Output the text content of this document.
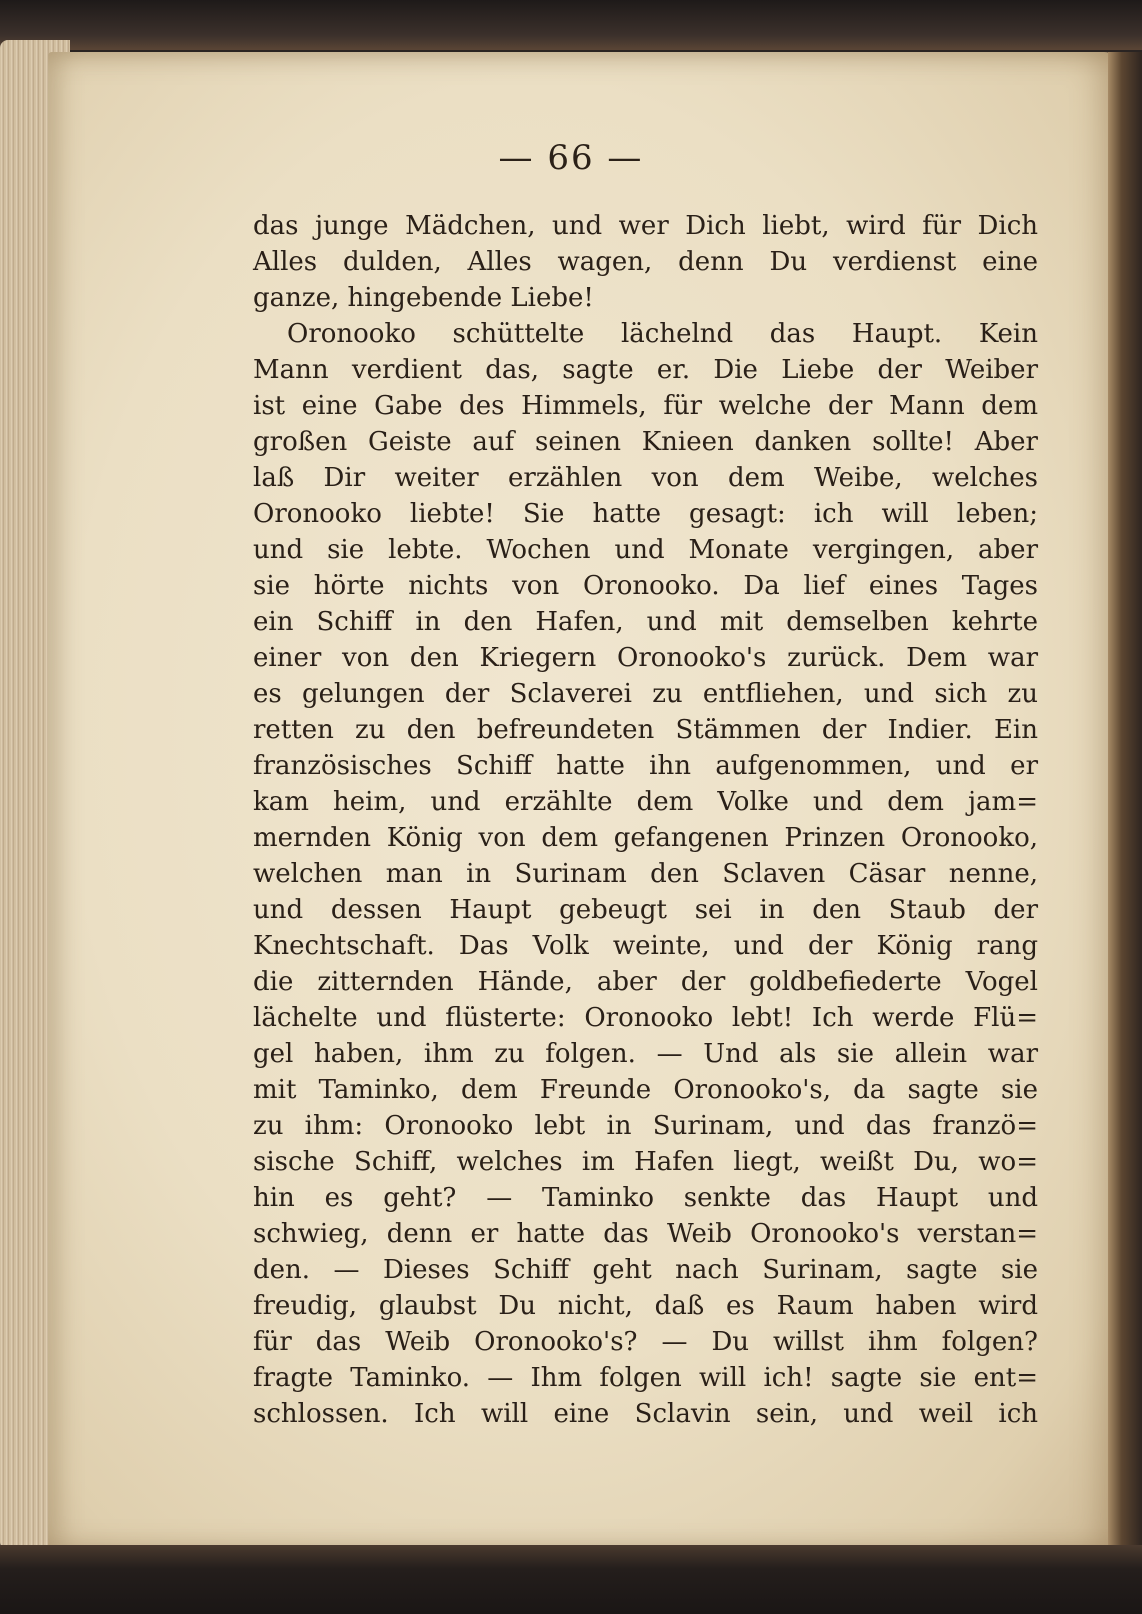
— 66 —
das junge Mädchen, und wer Dich liebt, wird für Dich
Alles dulden, Alles wagen, denn Du verdienst eine
ganze, hingebende Liebe!
Oronooko schüttelte lächelnd das Haupt. Kein
Mann verdient das, sagte er. Die Liebe der Weiber
ist eine Gabe des Himmels, für welche der Mann dem
großen Geiste auf seinen Knieen danken sollte! Aber
laß Dir weiter erzählen von dem Weibe, welches
Oronooko liebte! Sie hatte gesagt: ich will leben;
und sie lebte. Wochen und Monate vergingen, aber
sie hörte nichts von Oronooko. Da lief eines Tages
ein Schiff in den Hafen, und mit demselben kehrte
einer von den Kriegern Oronooko's zurück. Dem war
es gelungen der Sclaverei zu entfliehen, und sich zu
retten zu den befreundeten Stämmen der Indier. Ein
französisches Schiff hatte ihn aufgenommen, und er
kam heim, und erzählte dem Volke und dem jam=
mernden König von dem gefangenen Prinzen Oronooko,
welchen man in Surinam den Sclaven Cäsar nenne,
und dessen Haupt gebeugt sei in den Staub der
Knechtschaft. Das Volk weinte, und der König rang
die zitternden Hände, aber der goldbefiederte Vogel
lächelte und flüsterte: Oronooko lebt! Ich werde Flü=
gel haben, ihm zu folgen. — Und als sie allein war
mit Taminko, dem Freunde Oronooko's, da sagte sie
zu ihm: Oronooko lebt in Surinam, und das franzö=
sische Schiff, welches im Hafen liegt, weißt Du, wo=
hin es geht? — Taminko senkte das Haupt und
schwieg, denn er hatte das Weib Oronooko's verstan=
den. — Dieses Schiff geht nach Surinam, sagte sie
freudig, glaubst Du nicht, daß es Raum haben wird
für das Weib Oronooko's? — Du willst ihm folgen?
fragte Taminko. — Ihm folgen will ich! sagte sie ent=
schlossen. Ich will eine Sclavin sein, und weil ich
